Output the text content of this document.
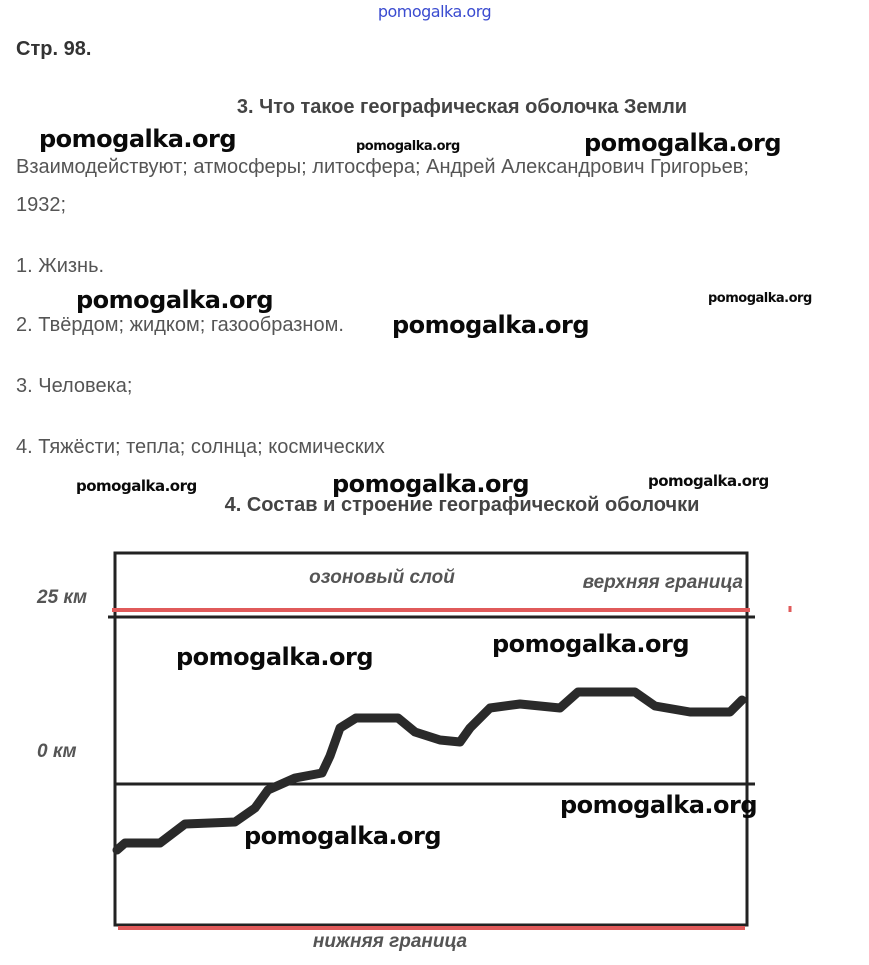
pomogalka.org
Стр. 98.
3. Что такое географическая оболочка Земли
Взаимодействуют; атмосферы; литосфера; Андрей Александрович Григорьев;
1932;
1. Жизнь.
2. Твёрдом; жидком; газообразном.
3. Человека;
4. Тяжёсти; тепла; солнца; космических
4. Состав и строение географической оболочки
озоновый слой	верхняя граница
нижняя граница
25 км
0 км
pomogalka.org	pomogalka.org	pomogalka.org
pomogalka.org	pomogalka.org
pomogalka.org
pomogalka.org	pomogalka.org	pomogalka.org
pomogalka.org	pomogalka.org
pomogalka.org
pomogalka.org
